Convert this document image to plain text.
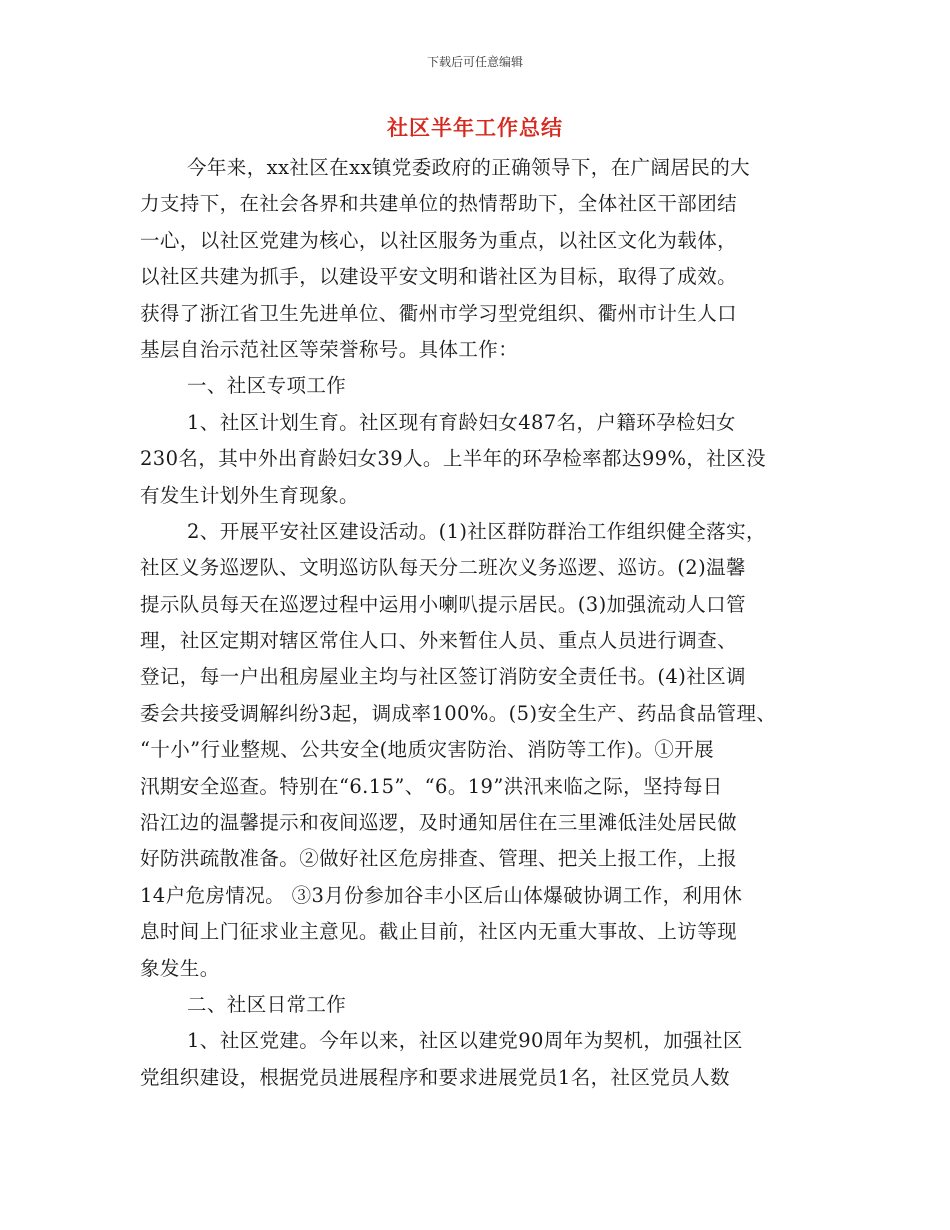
下载后可任意编辑
社区半年工作总结
今年来，xx社区在xx镇党委政府的正确领导下，在广阔居民的大
力支持下，在社会各界和共建单位的热情帮助下，全体社区干部团结
一心，以社区党建为核心，以社区服务为重点，以社区文化为载体，
以社区共建为抓手，以建设平安文明和谐社区为目标，取得了成效。
获得了浙江省卫生先进单位、衢州市学习型党组织、衢州市计生人口
基层自治示范社区等荣誉称号。具体工作：
一、社区专项工作
1、社区计划生育。社区现有育龄妇女487名，户籍环孕检妇女
230名，其中外出育龄妇女39人。上半年的环孕检率都达99%，社区没
有发生计划外生育现象。
2、开展平安社区建设活动。(1)社区群防群治工作组织健全落实，
社区义务巡逻队、文明巡访队每天分二班次义务巡逻、巡访。(2)温馨
提示队员每天在巡逻过程中运用小喇叭提示居民。(3)加强流动人口管
理，社区定期对辖区常住人口、外来暂住人员、重点人员进行调查、
登记，每一户出租房屋业主均与社区签订消防安全责任书。(4)社区调
委会共接受调解纠纷3起，调成率100%。(5)安全生产、药品食品管理、
“十小”行业整规、公共安全(地质灾害防治、消防等工作)。①开展
汛期安全巡查。特别在“6.15”、“6。19”洪汛来临之际，坚持每日
沿江边的温馨提示和夜间巡逻，及时通知居住在三里滩低洼处居民做
好防洪疏散准备。②做好社区危房排查、管理、把关上报工作，上报
14户危房情况。 ③3月份参加谷丰小区后山体爆破协调工作，利用休
息时间上门征求业主意见。截止目前，社区内无重大事故、上访等现
象发生。
二、社区日常工作
1、社区党建。今年以来，社区以建党90周年为契机，加强社区
党组织建设，根据党员进展程序和要求进展党员1名，社区党员人数
